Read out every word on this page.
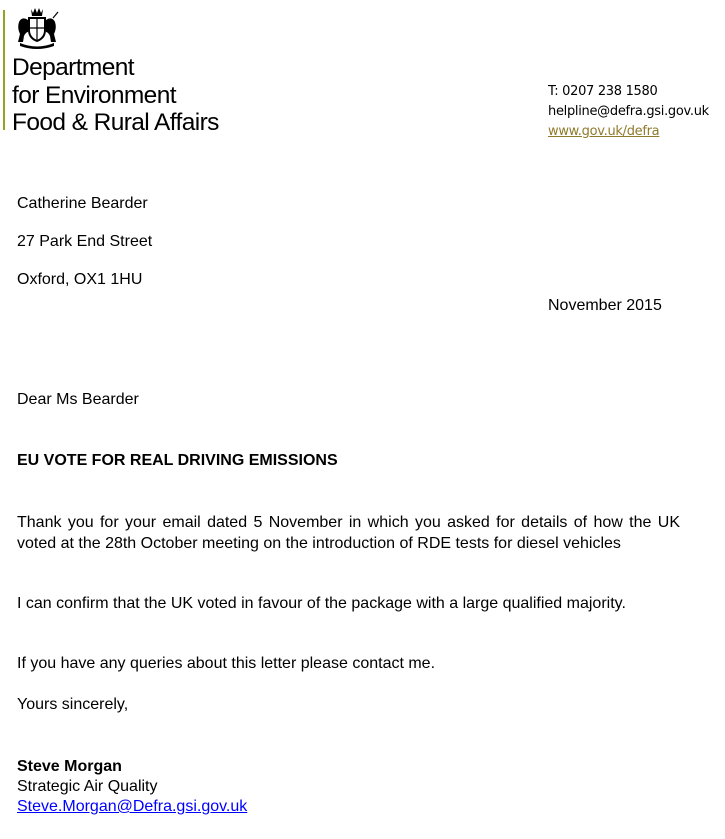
Department
for Environment
Food & Rural Affairs
T: 0207 238 1580
helpline@defra.gsi.gov.uk
www.gov.uk/defra
Catherine Bearder
27 Park End Street
Oxford, OX1 1HU
November 2015
Dear Ms Bearder
EU VOTE FOR REAL DRIVING EMISSIONS
Thank you for your email dated 5 November in which you asked for details of how the UK voted at the 28th October meeting on the introduction of RDE tests for diesel vehicles
I can confirm that the UK voted in favour of the package with a large qualified majority.
If you have any queries about this letter please contact me.
Yours sincerely,
Steve Morgan
Strategic Air Quality
Steve.Morgan@Defra.gsi.gov.uk
